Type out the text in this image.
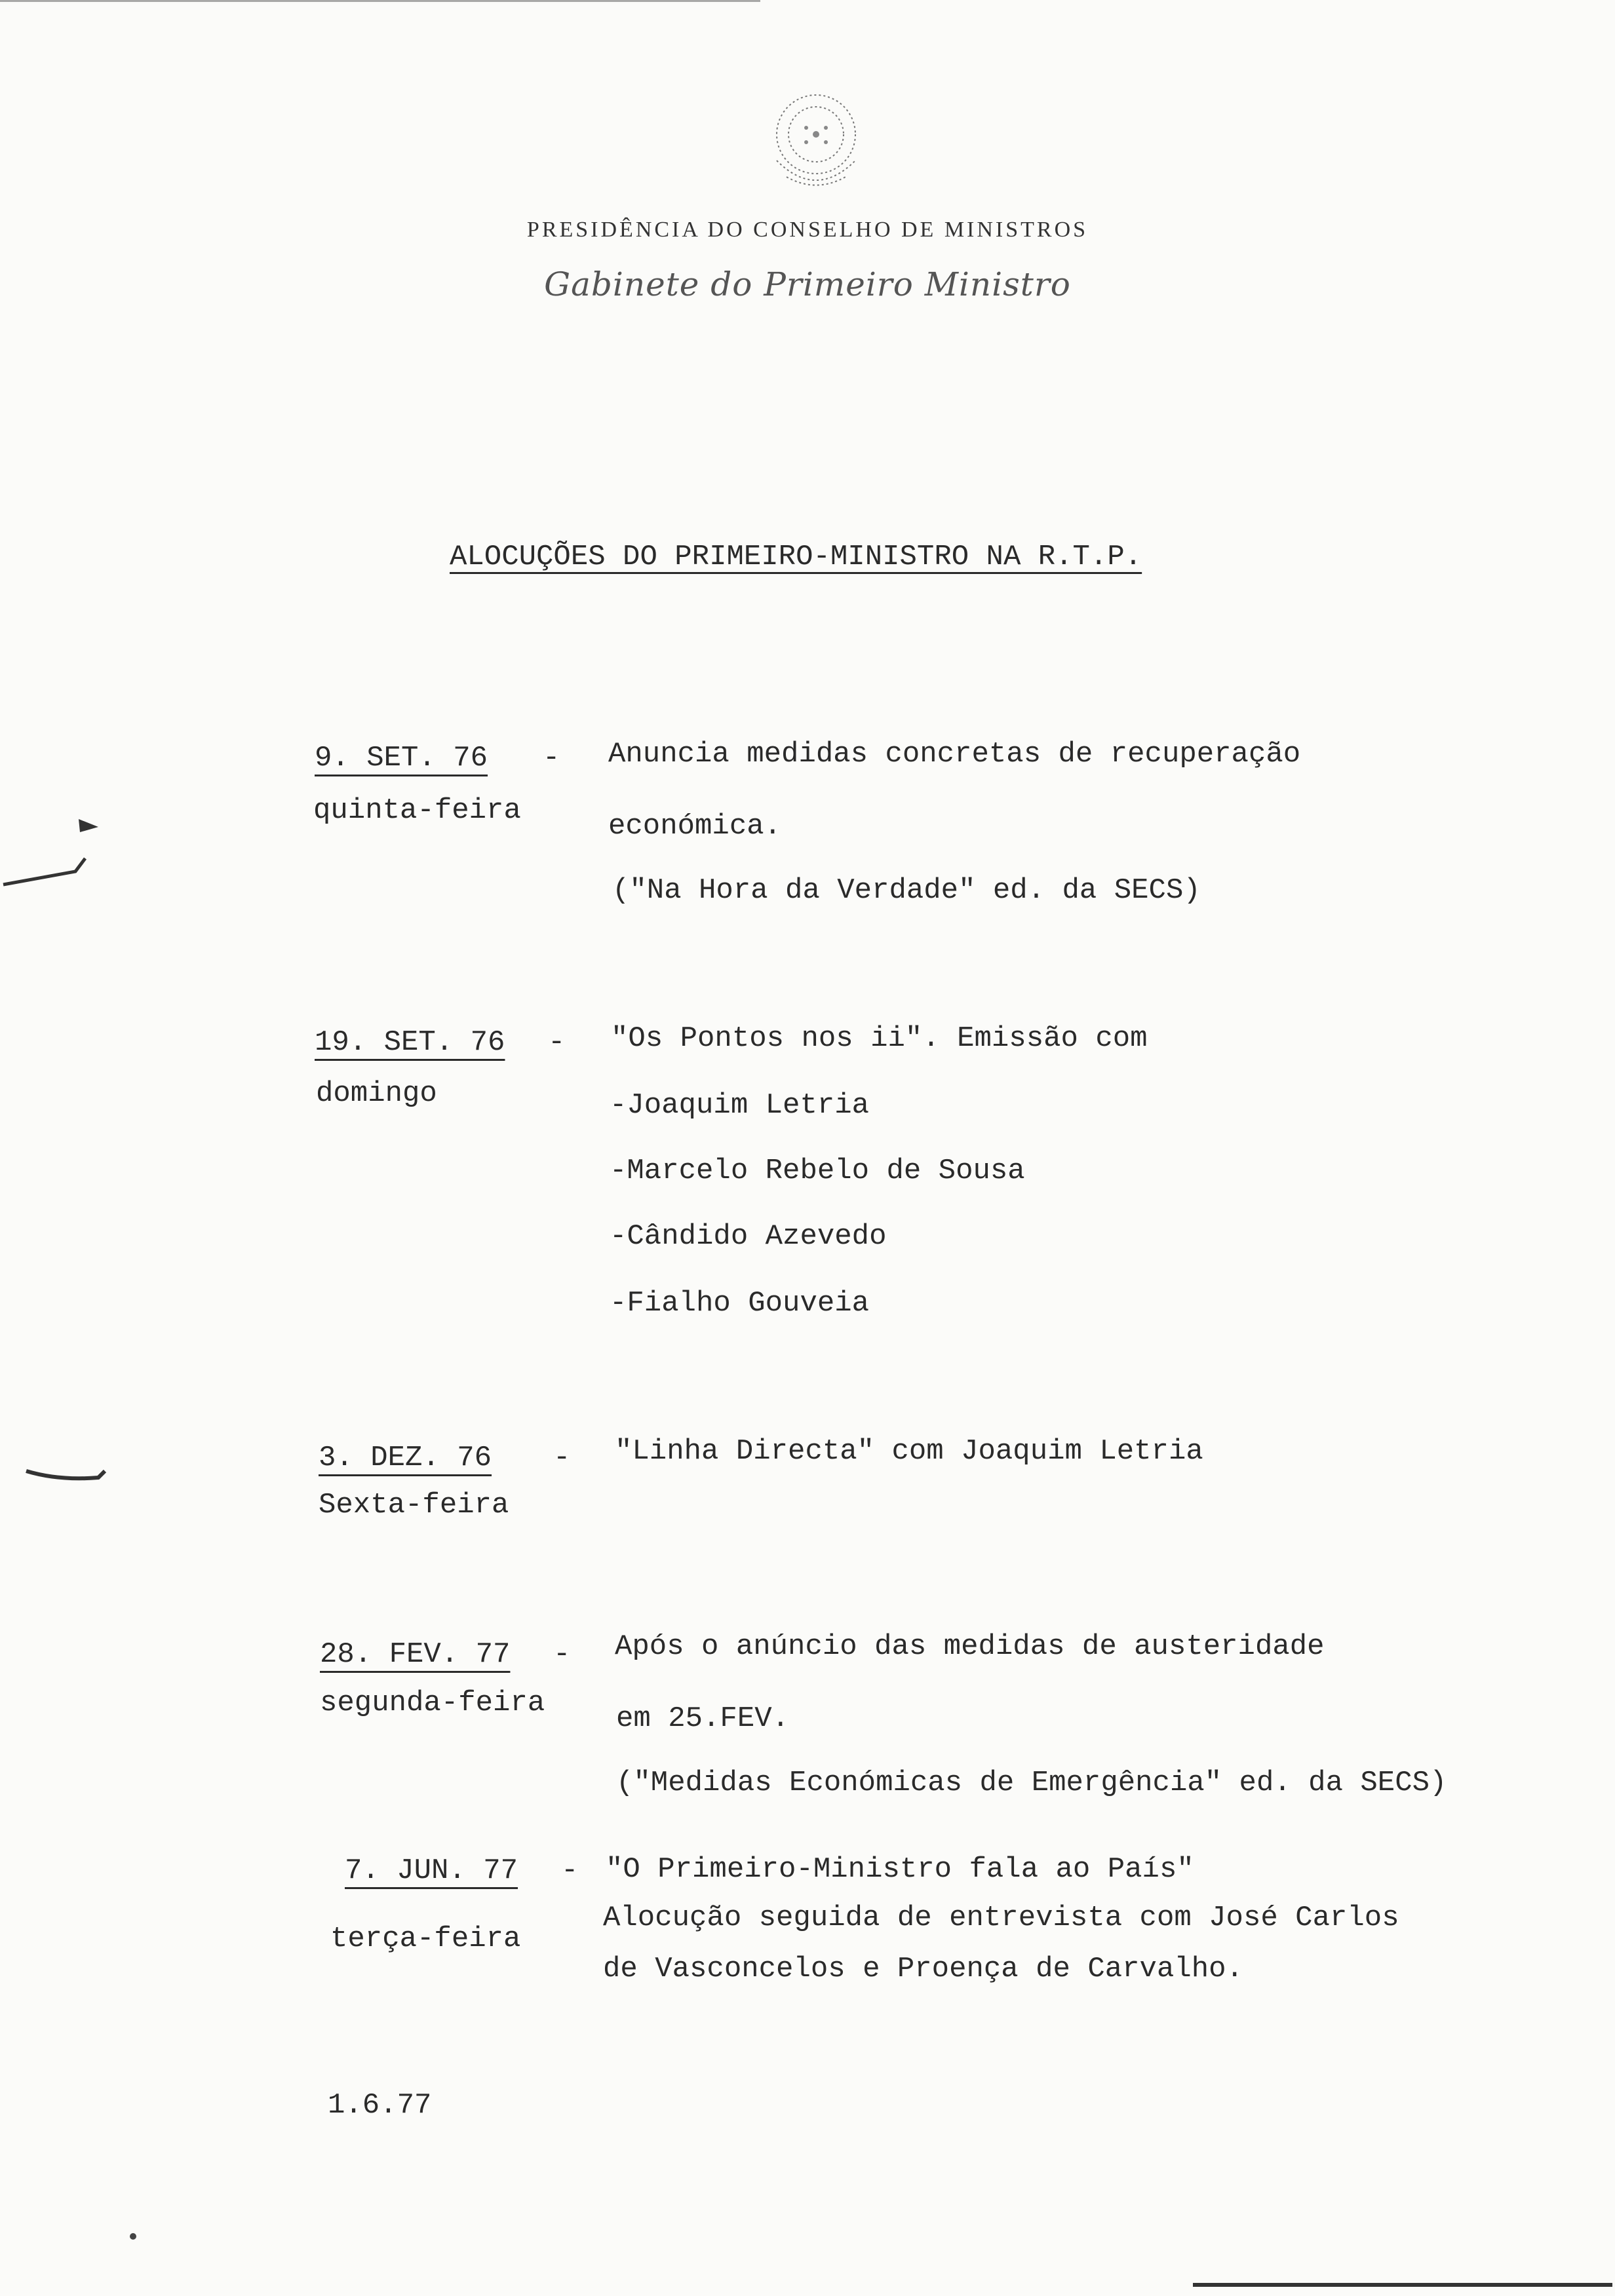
PRESIDÊNCIA DO CONSELHO DE MINISTROS
Gabinete do Primeiro Ministro
ALOCUÇÕES DO PRIMEIRO-MINISTRO NA R.T.P.
9. SET. 76 -
quinta-feira
Anuncia medidas concretas de recuperação
económica.
("Na Hora da Verdade" ed. da SECS)
19. SET. 76 -
domingo
"Os Pontos nos ii". Emissão com
-Joaquim Letria
-Marcelo Rebelo de Sousa
-Cândido Azevedo
-Fialho Gouveia
3. DEZ. 76 -
Sexta-feira
"Linha Directa" com Joaquim Letria
28. FEV. 77 -
segunda-feira
Após o anúncio das medidas de austeridade
em 25.FEV.
("Medidas Económicas de Emergência" ed. da SECS)
7. JUN. 77 -
terça-feira
"O Primeiro-Ministro fala ao País"
Alocução seguida de entrevista com José Carlos
de Vasconcelos e Proença de Carvalho.
1.6.77
